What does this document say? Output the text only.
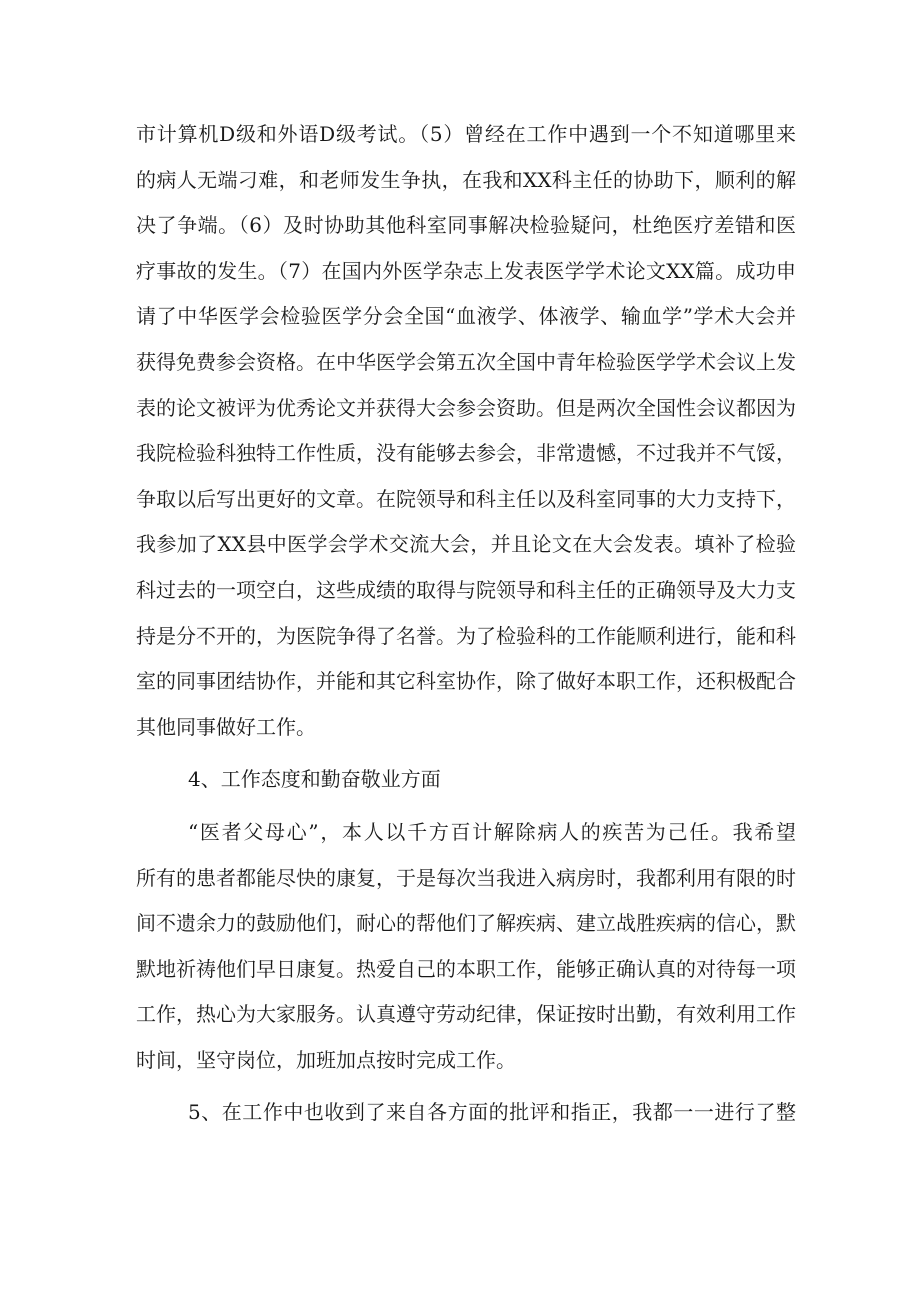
市计算机D级和外语D级考试。（5）曾经在工作中遇到一个不知道哪里来
的病人无端刁难，和老师发生争执，在我和XX科主任的协助下，顺利的解
决了争端。（6）及时协助其他科室同事解决检验疑问，杜绝医疗差错和医
疗事故的发生。（7）在国内外医学杂志上发表医学学术论文XX篇。成功申
请了中华医学会检验医学分会全国“血液学、体液学、输血学”学术大会并
获得免费参会资格。在中华医学会第五次全国中青年检验医学学术会议上发
表的论文被评为优秀论文并获得大会参会资助。但是两次全国性会议都因为
我院检验科独特工作性质，没有能够去参会，非常遗憾，不过我并不气馁，
争取以后写出更好的文章。在院领导和科主任以及科室同事的大力支持下，
我参加了XX县中医学会学术交流大会，并且论文在大会发表。填补了检验
科过去的一项空白，这些成绩的取得与院领导和科主任的正确领导及大力支
持是分不开的，为医院争得了名誉。为了检验科的工作能顺利进行，能和科
室的同事团结协作，并能和其它科室协作，除了做好本职工作，还积极配合
其他同事做好工作。
4、工作态度和勤奋敬业方面
“医者父母心”，本人以千方百计解除病人的疾苦为己任。我希望
所有的患者都能尽快的康复，于是每次当我进入病房时，我都利用有限的时
间不遗余力的鼓励他们，耐心的帮他们了解疾病、建立战胜疾病的信心，默
默地祈祷他们早日康复。热爱自己的本职工作，能够正确认真的对待每一项
工作，热心为大家服务。认真遵守劳动纪律，保证按时出勤，有效利用工作
时间，坚守岗位，加班加点按时完成工作。
5、在工作中也收到了来自各方面的批评和指正，我都一一进行了整
